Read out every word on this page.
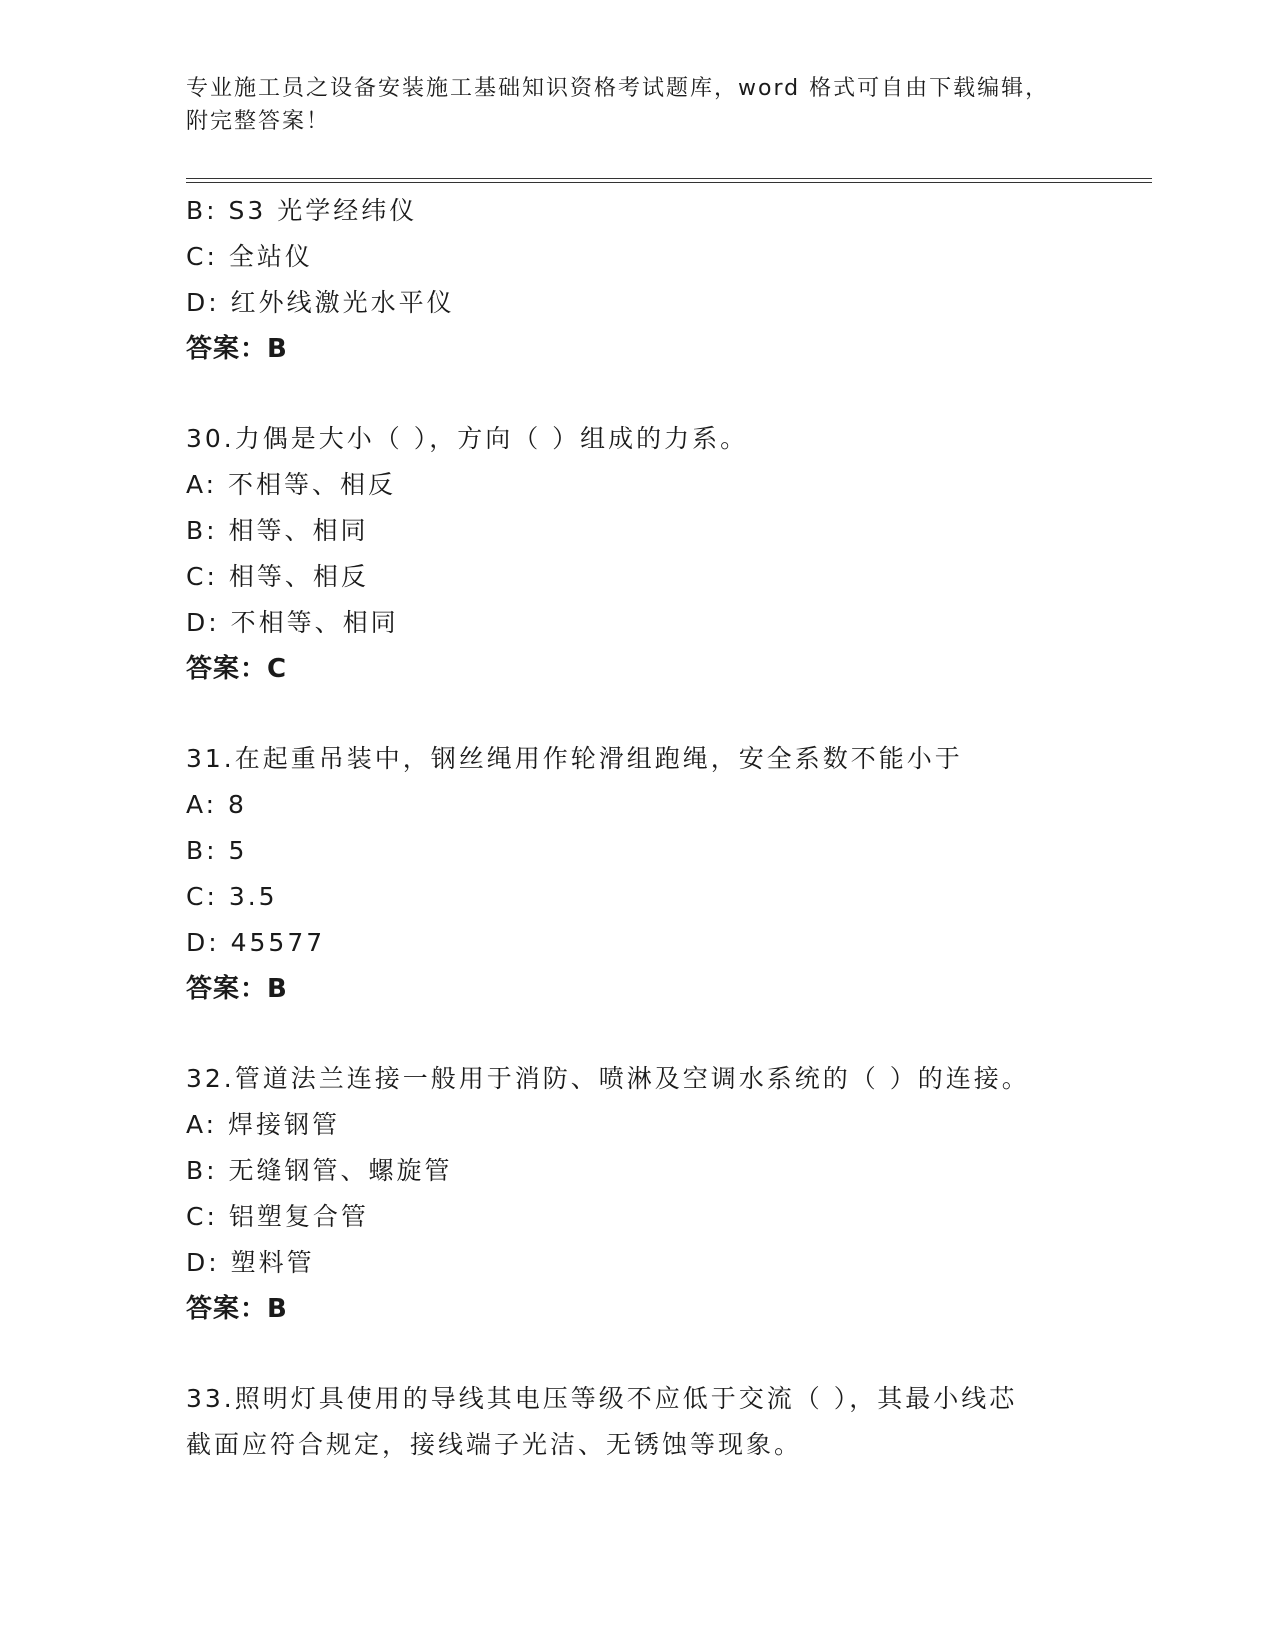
专业施工员之设备安装施工基础知识资格考试题库，word 格式可自由下载编辑，
附完整答案！
B: S3 光学经纬仪
C: 全站仪
D: 红外线激光水平仪
答案：B
30.力偶是大小（ ），方向（ ）组成的力系。
A: 不相等、相反
B: 相等、相同
C: 相等、相反
D: 不相等、相同
答案：C
31.在起重吊装中，钢丝绳用作轮滑组跑绳，安全系数不能小于
A: 8
B: 5
C: 3.5
D: 45577
答案：B
32.管道法兰连接一般用于消防、喷淋及空调水系统的（ ）的连接。
A: 焊接钢管
B: 无缝钢管、螺旋管
C: 铝塑复合管
D: 塑料管
答案：B
33.照明灯具使用的导线其电压等级不应低于交流（ ），其最小线芯
截面应符合规定，接线端子光洁、无锈蚀等现象。
